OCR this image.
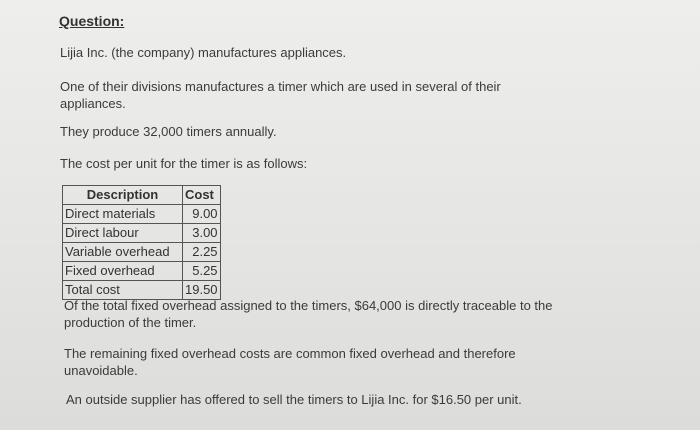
Question:
Lijia Inc. (the company) manufactures appliances.
One of their divisions manufactures a timer which are used in several of their appliances.
They produce 32,000 timers annually.
The cost per unit for the timer is as follows:
Description	Cost
Direct materials	9.00
Direct labour	3.00
Variable overhead	2.25
Fixed overhead	5.25
Total cost	19.50
Of the total fixed overhead assigned to the timers, $64,000 is directly traceable to the production of the timer.
The remaining fixed overhead costs are common fixed overhead and therefore unavoidable.
An outside supplier has offered to sell the timers to Lijia Inc. for $16.50 per unit.
